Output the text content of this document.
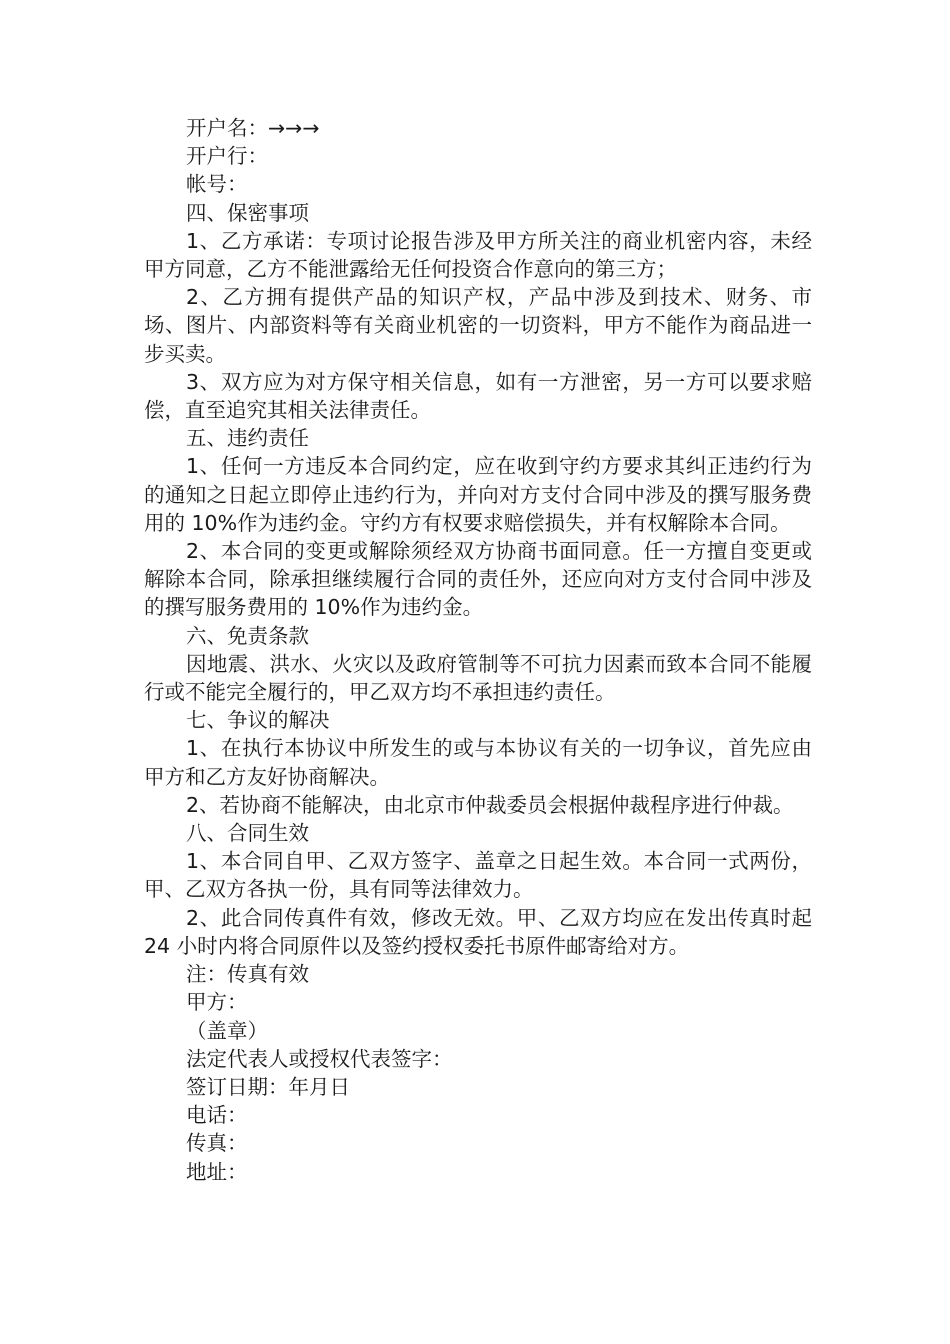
开户名：→→→

开户行：

帐号：

四、保密事项

1、乙方承诺：专项讨论报告涉及甲方所关注的商业机密内容，未经甲方同意，乙方不能泄露给无任何投资合作意向的第三方；

2、乙方拥有提供产品的知识产权，产品中涉及到技术、财务、市场、图片、内部资料等有关商业机密的一切资料，甲方不能作为商品进一步买卖。

3、双方应为对方保守相关信息，如有一方泄密，另一方可以要求赔偿，直至追究其相关法律责任。

五、违约责任

1、任何一方违反本合同约定，应在收到守约方要求其纠正违约行为的通知之日起立即停止违约行为，并向对方支付合同中涉及的撰写服务费用的 10%作为违约金。守约方有权要求赔偿损失，并有权解除本合同。

2、本合同的变更或解除须经双方协商书面同意。任一方擅自变更或解除本合同，除承担继续履行合同的责任外，还应向对方支付合同中涉及的撰写服务费用的 10%作为违约金。

六、免责条款

因地震、洪水、火灾以及政府管制等不可抗力因素而致本合同不能履行或不能完全履行的，甲乙双方均不承担违约责任。

七、争议的解决

1、在执行本协议中所发生的或与本协议有关的一切争议，首先应由甲方和乙方友好协商解决。

2、若协商不能解决，由北京市仲裁委员会根据仲裁程序进行仲裁。

八、合同生效

1、本合同自甲、乙双方签字、盖章之日起生效。本合同一式两份，甲、乙双方各执一份，具有同等法律效力。

2、此合同传真件有效，修改无效。甲、乙双方均应在发出传真时起 24 小时内将合同原件以及签约授权委托书原件邮寄给对方。

注：传真有效

甲方：

（盖章）

法定代表人或授权代表签字：

签订日期：年月日

电话：

传真：

地址：
